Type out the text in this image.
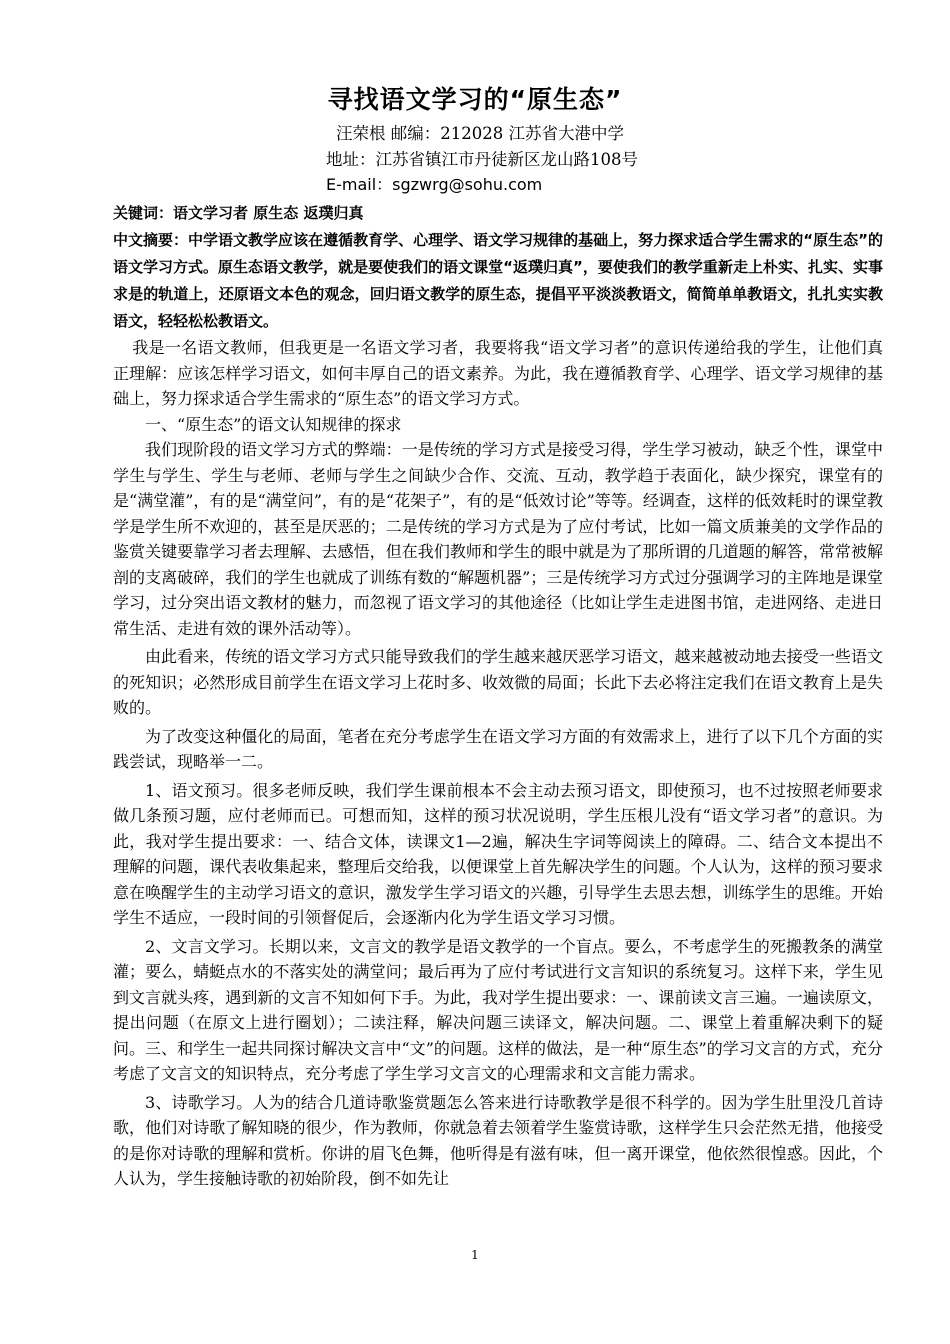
寻找语文学习的“原生态”
汪荣根 邮编：212028 江苏省大港中学
地址：江苏省镇江市丹徒新区龙山路108号
E-mail：sgzwrg@sohu.com
关键词：语文学习者 原生态 返璞归真
中文摘要：中学语文教学应该在遵循教育学、心理学、语文学习规律的基础上，努力探求适合学生需求的“原生态”的语文学习方式。原生态语文教学，就是要使我们的语文课堂“返璞归真”，要使我们的教学重新走上朴实、扎实、实事求是的轨道上，还原语文本色的观念，回归语文教学的原生态，提倡平平淡淡教语文，简简单单教语文，扎扎实实教语文，轻轻松松教语文。

我是一名语文教师，但我更是一名语文学习者，我要将我“语文学习者”的意识传递给我的学生，让他们真正理解：应该怎样学习语文，如何丰厚自己的语文素养。为此，我在遵循教育学、心理学、语文学习规律的基础上，努力探求适合学生需求的“原生态”的语文学习方式。

一、“原生态”的语文认知规律的探求

我们现阶段的语文学习方式的弊端：一是传统的学习方式是接受习得，学生学习被动，缺乏个性，课堂中学生与学生、学生与老师、老师与学生之间缺少合作、交流、互动，教学趋于表面化，缺少探究，课堂有的是“满堂灌”，有的是“满堂问”，有的是“花架子”，有的是“低效讨论”等等。经调查，这样的低效耗时的课堂教学是学生所不欢迎的，甚至是厌恶的；二是传统的学习方式是为了应付考试，比如一篇文质兼美的文学作品的鉴赏关键要靠学习者去理解、去感悟，但在我们教师和学生的眼中就是为了那所谓的几道题的解答，常常被解剖的支离破碎，我们的学生也就成了训练有数的“解题机器”；三是传统学习方式过分强调学习的主阵地是课堂学习，过分突出语文教材的魅力，而忽视了语文学习的其他途径（比如让学生走进图书馆，走进网络、走进日常生活、走进有效的课外活动等）。

由此看来，传统的语文学习方式只能导致我们的学生越来越厌恶学习语文，越来越被动地去接受一些语文的死知识；必然形成目前学生在语文学习上花时多、收效微的局面；长此下去必将注定我们在语文教育上是失败的。

为了改变这种僵化的局面，笔者在充分考虑学生在语文学习方面的有效需求上，进行了以下几个方面的实践尝试，现略举一二。

1、语文预习。很多老师反映，我们学生课前根本不会主动去预习语文，即使预习，也不过按照老师要求做几条预习题，应付老师而已。可想而知，这样的预习状况说明，学生压根儿没有“语文学习者”的意识。为此，我对学生提出要求：一、结合文体，读课文1—2遍，解决生字词等阅读上的障碍。二、结合文本提出不理解的问题，课代表收集起来，整理后交给我，以便课堂上首先解决学生的问题。个人认为，这样的预习要求意在唤醒学生的主动学习语文的意识，激发学生学习语文的兴趣，引导学生去思去想，训练学生的思维。开始学生不适应，一段时间的引领督促后，会逐渐内化为学生语文学习习惯。

2、文言文学习。长期以来，文言文的教学是语文教学的一个盲点。要么，不考虑学生的死搬教条的满堂灌；要么，蜻蜓点水的不落实处的满堂问；最后再为了应付考试进行文言知识的系统复习。这样下来，学生见到文言就头疼，遇到新的文言不知如何下手。为此，我对学生提出要求：一、课前读文言三遍。一遍读原文，提出问题（在原文上进行圈划）；二读注释，解决问题三读译文，解决问题。二、课堂上着重解决剩下的疑问。三、和学生一起共同探讨解决文言中“文”的问题。这样的做法，是一种“原生态”的学习文言的方式，充分考虑了文言文的知识特点，充分考虑了学生学习文言文的心理需求和文言能力需求。

3、诗歌学习。人为的结合几道诗歌鉴赏题怎么答来进行诗歌教学是很不科学的。因为学生肚里没几首诗歌，他们对诗歌了解知晓的很少，作为教师，你就急着去领着学生鉴赏诗歌，这样学生只会茫然无措，他接受的是你对诗歌的理解和赏析。你讲的眉飞色舞，他听得是有滋有味，但一离开课堂，他依然很惶惑。因此，个人认为，学生接触诗歌的初始阶段，倒不如先让

1
